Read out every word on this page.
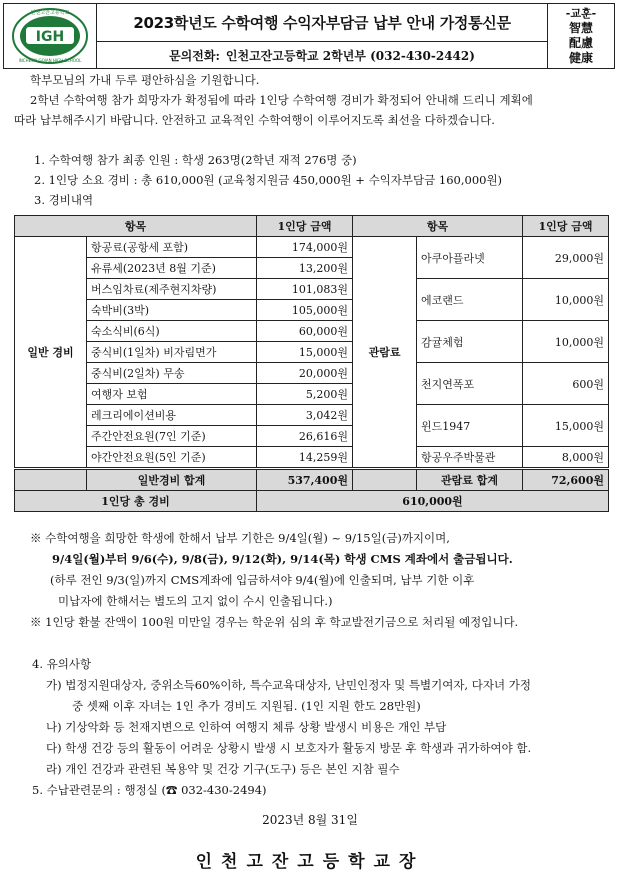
IGH
인천고잔고등학교
INCHEON GOJAN HIGH SCHOOL
2023학년도 수학여행 수익자부담금 납부 안내 가정통신문
문의전화: 인천고잔고등학교 2학년부 (032-430-2442)
-교훈-
智慧
配慮
健康

학부모님의 가내 두루 평안하심을 기원합니다.

2학년 수학여행 참가 희망자가 확정됨에 따라 1인당 수학여행 경비가 확정되어 안내해 드리니 계획에

따라 납부해주시기 바랍니다. 안전하고 교육적인 수학여행이 이루어지도록 최선을 다하겠습니다.

1. 수학여행 참가 최종 인원 : 학생 263명(2학년 재적 276명 중)

2. 1인당 소요 경비 : 총 610,000원 (교육청지원금 450,000원 + 수익자부담금 160,000원)

3. 경비내역

항목		1인당 금액	항목		1인당 금액
일반 경비	항공료(공항세 포함)	174,000원	관람료	아쿠아플라넷	29,000원
	유류세(2023년 8월 기준)	13,200원			
	버스임차료(제주현지차량)	101,083원		에코랜드	10,000원
	숙박비(3박)	105,000원			
	숙소식비(6식)	60,000원		감귤체험	10,000원
	중식비(1일차) 비자림면가	15,000원			
	중식비(2일차) 무송	20,000원		천지연폭포	600원
	여행자 보험	5,200원			
	레크리에이션비용	3,042원		윈드1947	15,000원
	주간안전요원(7인 기준)	26,616원			
	야간안전요원(5인 기준)	14,259원		항공우주박물관	8,000원
	일반경비 합계	537,400원		관람료 합계	72,600원
1인당 총 경비		610,000원			

※ 수학여행을 희망한 학생에 한해서 납부 기한은 9/4일(월) ~ 9/15일(금)까지이며,

9/4일(월)부터 9/6(수), 9/8(금), 9/12(화), 9/14(목) 학생 CMS 계좌에서 출금됩니다.

(하루 전인 9/3(일)까지 CMS계좌에 입금하셔야 9/4(월)에 인출되며, 납부 기한 이후

미납자에 한해서는 별도의 고지 없이 수시 인출됩니다.)

※ 1인당 환불 잔액이 100원 미만일 경우는 학운위 심의 후 학교발전기금으로 처리될 예정입니다.

4. 유의사항

가) 법정지원대상자, 중위소득60%이하, 특수교육대상자, 난민인정자 및 특별기여자, 다자녀 가정

중 셋째 이후 자녀는 1인 추가 경비도 지원됨. (1인 지원 한도 28만원)

나) 기상악화 등 천재지변으로 인하여 여행지 체류 상황 발생시 비용은 개인 부담

다) 학생 건강 등의 활동이 어려운 상황시 발생 시 보호자가 활동지 방문 후 학생과 귀가하여야 함.

라) 개인 건강과 관련된 복용약 및 건강 기구(도구) 등은 본인 지참 필수

5. 수납관련문의 : 행정실 (☎ 032-430-2494)

2023년 8월 31일
인천고잔고등학교장
